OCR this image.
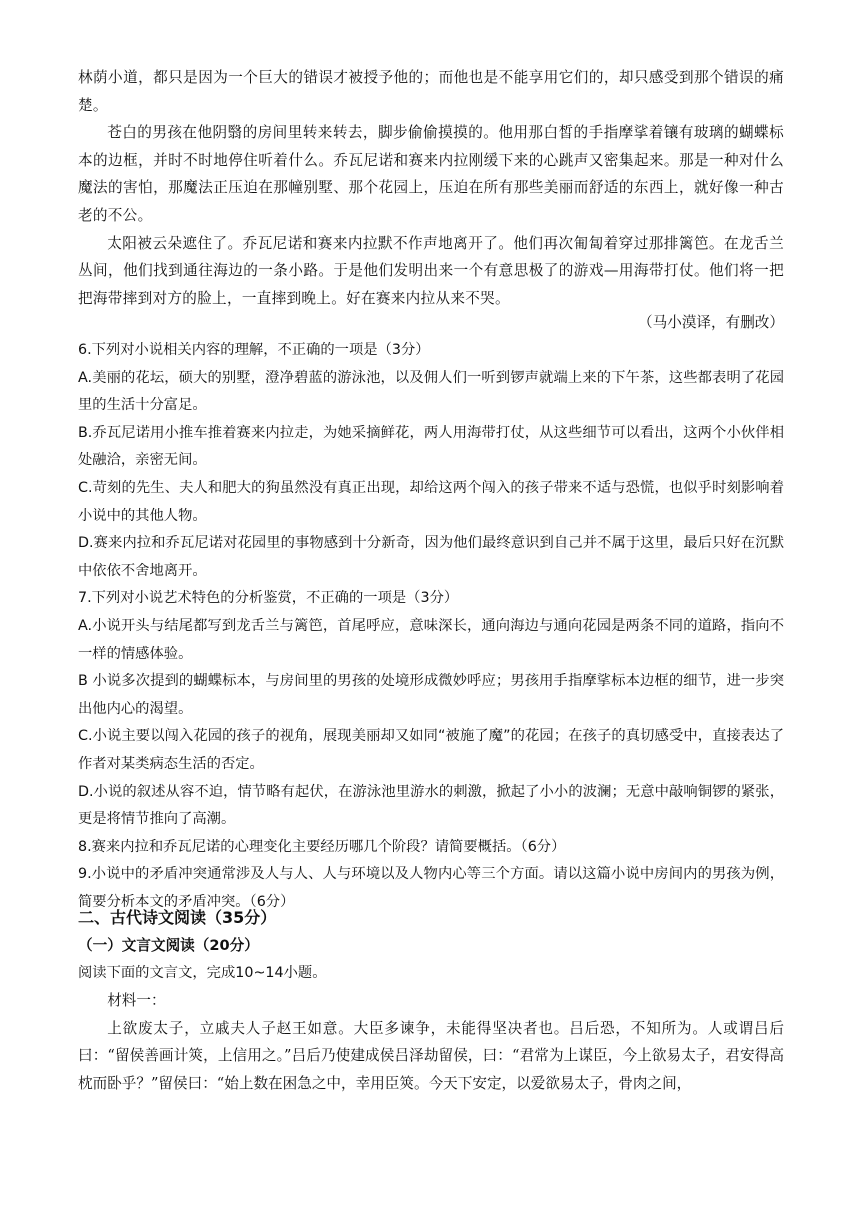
林荫小道，都只是因为一个巨大的错误才被授予他的；而他也是不能享用它们的，却只感受到那个错误的痛楚。

苍白的男孩在他阴翳的房间里转来转去，脚步偷偷摸摸的。他用那白皙的手指摩挲着镶有玻璃的蝴蝶标本的边框，并时不时地停住听着什么。乔瓦尼诺和赛来内拉刚缓下来的心跳声又密集起来。那是一种对什么魔法的害怕，那魔法正压迫在那幢别墅、那个花园上，压迫在所有那些美丽而舒适的东西上，就好像一种古老的不公。

太阳被云朵遮住了。乔瓦尼诺和赛来内拉默不作声地离开了。他们再次匍匐着穿过那排篱笆。在龙舌兰丛间，他们找到通往海边的一条小路。于是他们发明出来一个有意思极了的游戏—用海带打仗。他们将一把把海带摔到对方的脸上，一直摔到晚上。好在赛来内拉从来不哭。

（马小漠译，有删改）

6.下列对小说相关内容的理解，不正确的一项是（3分）

A.美丽的花坛，硕大的别墅，澄净碧蓝的游泳池，以及佣人们一听到锣声就端上来的下午茶，这些都表明了花园里的生活十分富足。

B.乔瓦尼诺用小推车推着赛来内拉走，为她采摘鲜花，两人用海带打仗，从这些细节可以看出，这两个小伙伴相处融洽，亲密无间。

C.苛刻的先生、夫人和肥大的狗虽然没有真正出现，却给这两个闯入的孩子带来不适与恐慌，也似乎时刻影响着小说中的其他人物。

D.赛来内拉和乔瓦尼诺对花园里的事物感到十分新奇，因为他们最终意识到自己并不属于这里，最后只好在沉默中依依不舍地离开。

7.下列对小说艺术特色的分析鉴赏，不正确的一项是（3分）

A.小说开头与结尾都写到龙舌兰与篱笆，首尾呼应，意味深长，通向海边与通向花园是两条不同的道路，指向不一样的情感体验。

B 小说多次提到的蝴蝶标本，与房间里的男孩的处境形成微妙呼应；男孩用手指摩挲标本边框的细节，进一步突出他内心的渴望。

C.小说主要以闯入花园的孩子的视角，展现美丽却又如同“被施了魔”的花园；在孩子的真切感受中，直接表达了作者对某类病态生活的否定。

D.小说的叙述从容不迫，情节略有起伏，在游泳池里游水的刺激，掀起了小小的波澜；无意中敲响铜锣的紧张，更是将情节推向了高潮。

8.赛来内拉和乔瓦尼诺的心理变化主要经历哪几个阶段？请简要概括。（6分）

9.小说中的矛盾冲突通常涉及人与人、人与环境以及人物内心等三个方面。请以这篇小说中房间内的男孩为例，简要分析本文的矛盾冲突。（6分）

二、古代诗文阅读（35分）

（一）文言文阅读（20分）

阅读下面的文言文，完成10~14小题。

材料一：

上欲废太子，立戚夫人子赵王如意。大臣多谏争，未能得坚决者也。吕后恐，不知所为。人或谓吕后曰：“留侯善画计筴，上信用之。”吕后乃使建成侯吕泽劫留侯，曰：“君常为上谋臣，今上欲易太子，君安得高枕而卧乎？”留侯曰：“始上数在困急之中，幸用臣筴。今天下安定，以爱欲易太子，骨肉之间，
